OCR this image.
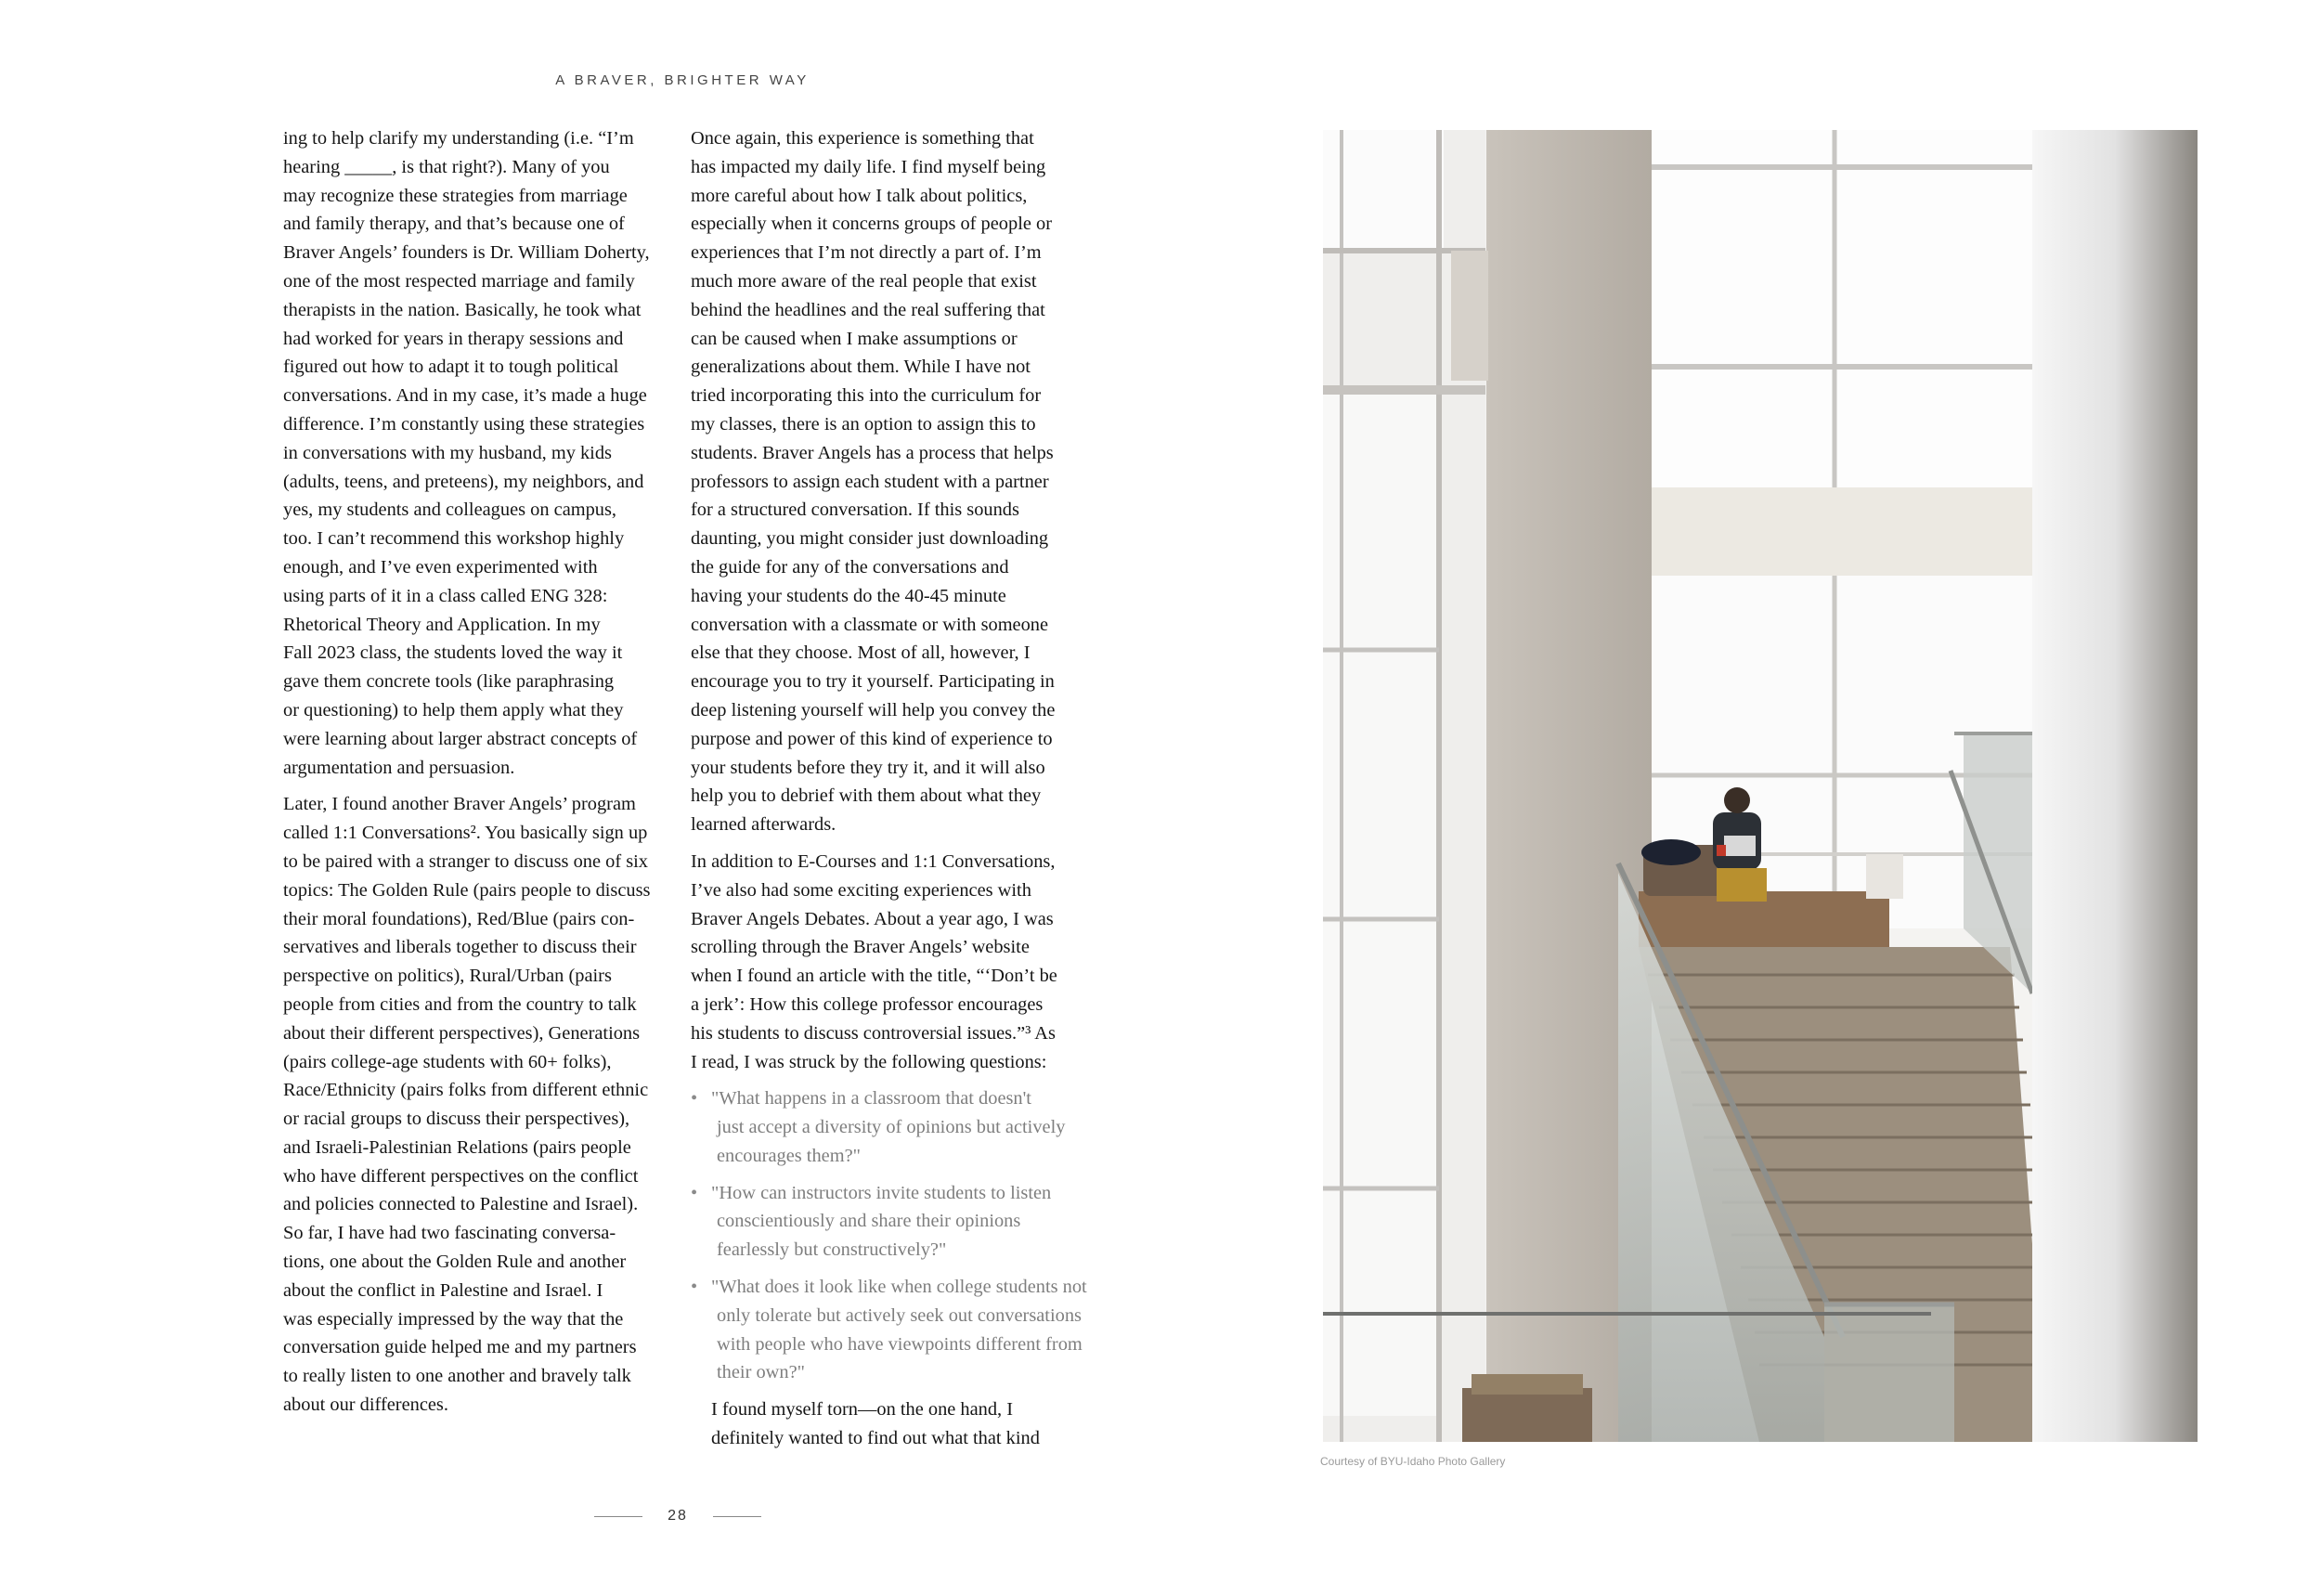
A BRAVER, BRIGHTER WAY

ing to help clarify my understanding (i.e. “I’m
hearing _____, is that right?). Many of you
may recognize these strategies from marriage
and family therapy, and that’s because one of
Braver Angels’ founders is Dr. William Doherty,
one of the most respected marriage and family
therapists in the nation. Basically, he took what
had worked for years in therapy sessions and
figured out how to adapt it to tough political
conversations. And in my case, it’s made a huge
difference. I’m constantly using these strategies
in conversations with my husband, my kids
(adults, teens, and preteens), my neighbors, and
yes, my students and colleagues on campus,
too. I can’t recommend this workshop highly
enough, and I’ve even experimented with
using parts of it in a class called ENG 328:
Rhetorical Theory and Application. In my
Fall 2023 class, the students loved the way it
gave them concrete tools (like paraphrasing
or questioning) to help them apply what they
were learning about larger abstract concepts of
argumentation and persuasion.

Later, I found another Braver Angels’ program
called 1:1 Conversations². You basically sign up
to be paired with a stranger to discuss one of six
topics: The Golden Rule (pairs people to discuss
their moral foundations), Red/Blue (pairs con-
servatives and liberals together to discuss their
perspective on politics), Rural/Urban (pairs
people from cities and from the country to talk
about their different perspectives), Generations
(pairs college-age students with 60+ folks),
Race/Ethnicity (pairs folks from different ethnic
or racial groups to discuss their perspectives),
and Israeli-Palestinian Relations (pairs people
who have different perspectives on the conflict
and policies connected to Palestine and Israel).
So far, I have had two fascinating conversa-
tions, one about the Golden Rule and another
about the conflict in Palestine and Israel. I
was especially impressed by the way that the
conversation guide helped me and my partners
to really listen to one another and bravely talk
about our differences.

Once again, this experience is something that
has impacted my daily life. I find myself being
more careful about how I talk about politics,
especially when it concerns groups of people or
experiences that I’m not directly a part of. I’m
much more aware of the real people that exist
behind the headlines and the real suffering that
can be caused when I make assumptions or
generalizations about them. While I have not
tried incorporating this into the curriculum for
my classes, there is an option to assign this to
students. Braver Angels has a process that helps
professors to assign each student with a partner
for a structured conversation. If this sounds
daunting, you might consider just downloading
the guide for any of the conversations and
having your students do the 40-45 minute
conversation with a classmate or with someone
else that they choose. Most of all, however, I
encourage you to try it yourself. Participating in
deep listening yourself will help you convey the
purpose and power of this kind of experience to
your students before they try it, and it will also
help you to debrief with them about what they
learned afterwards.

In addition to E-Courses and 1:1 Conversations,
I’ve also had some exciting experiences with
Braver Angels Debates. About a year ago, I was
scrolling through the Braver Angels’ website
when I found an article with the title, “‘Don’t be
a jerk’: How this college professor encourages
his students to discuss controversial issues.”³ As
I read, I was struck by the following questions:

• "What happens in a classroom that doesn't
just accept a diversity of opinions but actively
encourages them?"
• "How can instructors invite students to listen
conscientiously and share their opinions
fearlessly but constructively?"
• "What does it look like when college students not
only tolerate but actively seek out conversations
with people who have viewpoints different from
their own?"

I found myself torn—on the one hand, I
definitely wanted to find out what that kind

28
Courtesy of BYU-Idaho Photo Gallery
